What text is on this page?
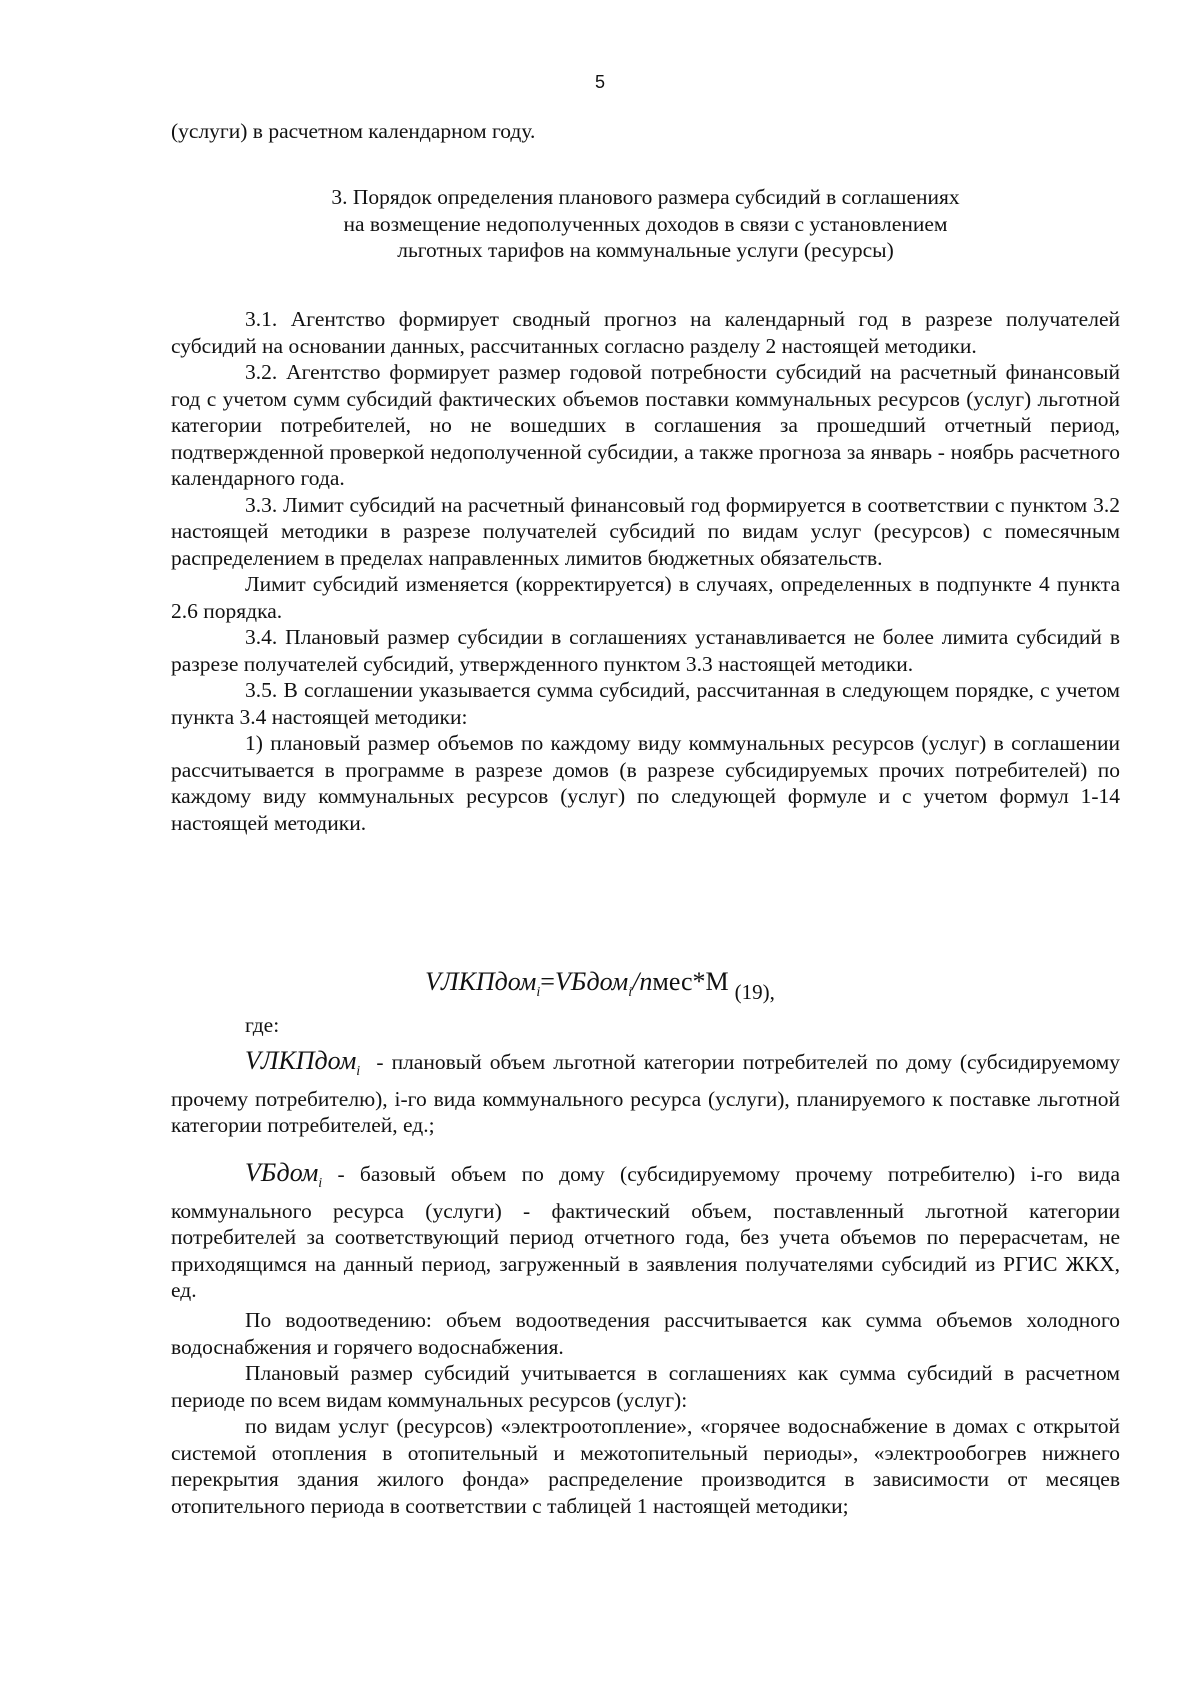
5

(услуги) в расчетном календарном году.

3. Порядок определения планового размера субсидий в соглашениях
на возмещение недополученных доходов в связи с установлением
льготных тарифов на коммунальные услуги (ресурсы)

3.1. Агентство формирует сводный прогноз на календарный год в разрезе получателей субсидий на основании данных, рассчитанных согласно разделу 2 настоящей методики.

3.2. Агентство формирует размер годовой потребности субсидий на расчетный финансовый год с учетом сумм субсидий фактических объемов поставки коммунальных ресурсов (услуг) льготной категории потребителей, но не вошедших в соглашения за прошедший отчетный период, подтвержденной проверкой недополученной субсидии, а также прогноза за январь - ноябрь расчетного календарного года.

3.3. Лимит субсидий на расчетный финансовый год формируется в соответствии с пунктом 3.2 настоящей методики в разрезе получателей субсидий по видам услуг (ресурсов) с помесячным распределением в пределах направленных лимитов бюджетных обязательств.

Лимит субсидий изменяется (корректируется) в случаях, определенных в подпункте 4 пункта 2.6 порядка.

3.4. Плановый размер субсидии в соглашениях устанавливается не более лимита субсидий в разрезе получателей субсидий, утвержденного пунктом 3.3 настоящей методики.

3.5. В соглашении указывается сумма субсидий, рассчитанная в следующем порядке, с учетом пункта 3.4 настоящей методики:

1) плановый размер объемов по каждому виду коммунальных ресурсов (услуг) в соглашении рассчитывается в программе в разрезе домов (в разрезе субсидируемых прочих потребителей) по каждому виду коммунальных ресурсов (услуг) по следующей формуле и с учетом формул 1-14 настоящей методики.

VЛКПдом$_i$=VБдом$_i$/nмес*М $_{(19),}$
где:

VЛКПдом$_i$ - плановый объем льготной категории потребителей по дому (субсидируемому прочему потребителю), i-го вида коммунального ресурса (услуги), планируемого к поставке льготной категории потребителей, ед.;

VБдом$_i$ - базовый объем по дому (субсидируемому прочему потребителю) i-го вида коммунального ресурса (услуги) - фактический объем, поставленный льготной категории потребителей за соответствующий период отчетного года, без учета объемов по перерасчетам, не приходящимся на данный период, загруженный в заявления получателями субсидий из РГИС ЖКХ, ед.

По водоотведению: объем водоотведения рассчитывается как сумма объемов холодного водоснабжения и горячего водоснабжения.

Плановый размер субсидий учитывается в соглашениях как сумма субсидий в расчетном периоде по всем видам коммунальных ресурсов (услуг):

по видам услуг (ресурсов) «электроотопление», «горячее водоснабжение в домах с открытой системой отопления в отопительный и межотопительный периоды», «электрообогрев нижнего перекрытия здания жилого фонда» распределение производится в зависимости от месяцев отопительного периода в соответствии с таблицей 1 настоящей методики;
